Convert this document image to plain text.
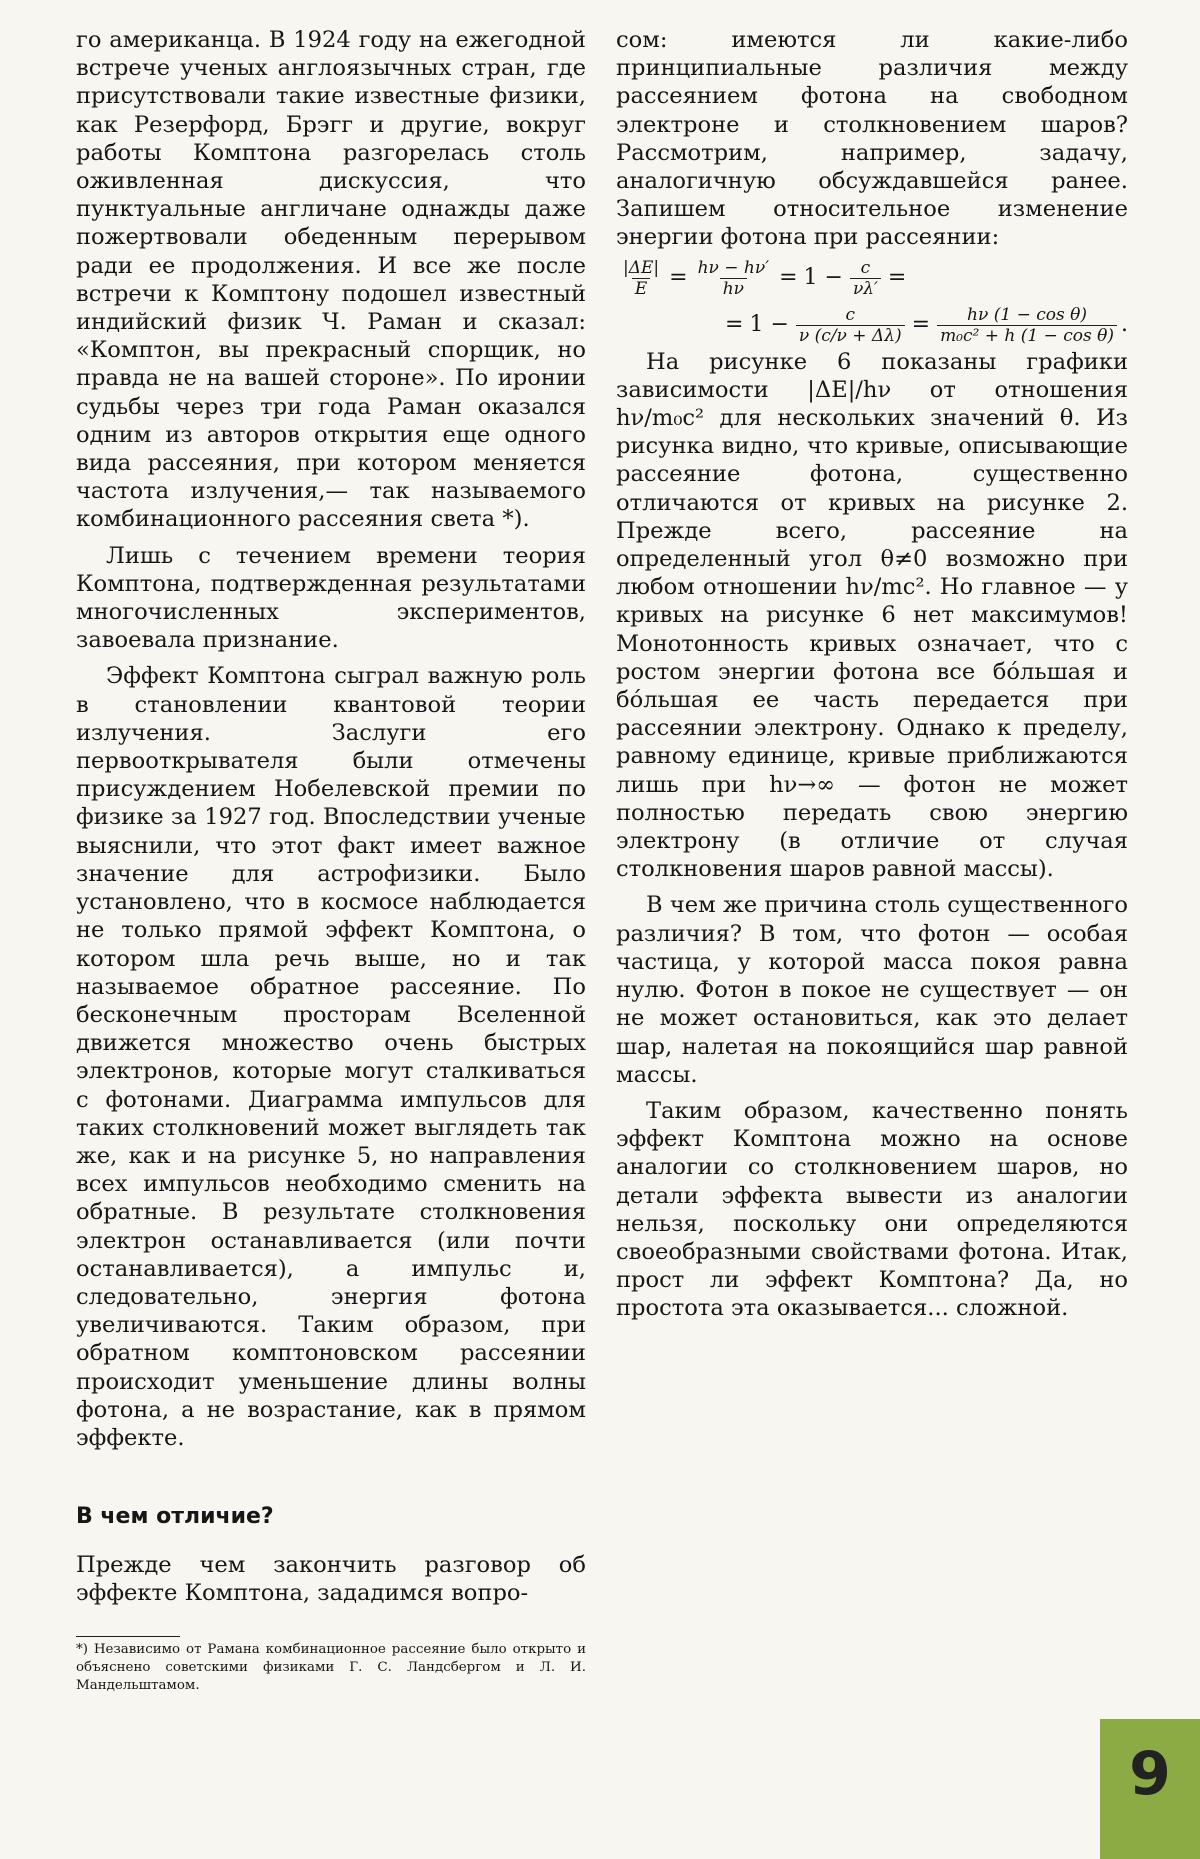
го американца. В 1924 году на ежегодной встрече ученых англоязычных стран, где присутствовали такие известные физики, как Резерфорд, Брэгг и другие, вокруг работы Комптона разгорелась столь оживленная дискуссия, что пунктуальные англичане однажды даже пожертвовали обеденным перерывом ради ее продолжения. И все же после встречи к Комптону подошел известный индийский физик Ч. Раман и сказал: «Комптон, вы прекрасный спорщик, но правда не на вашей стороне». По иронии судьбы через три года Раман оказался одним из авторов открытия еще одного вида рассеяния, при котором меняется частота излучения,— так называемого комбинационного рассеяния света *).

Лишь с течением времени теория Комптона, подтвержденная результатами многочисленных экспериментов, завоевала признание.

Эффект Комптона сыграл важную роль в становлении квантовой теории излучения. Заслуги его первооткрывателя были отмечены присуждением Нобелевской премии по физике за 1927 год. Впоследствии ученые выяснили, что этот факт имеет важное значение для астрофизики. Было установлено, что в космосе наблюдается не только прямой эффект Комптона, о котором шла речь выше, но и так называемое обратное рассеяние. По бесконечным просторам Вселенной движется множество очень быстрых электронов, которые могут сталкиваться с фотонами. Диаграмма импульсов для таких столкновений может выглядеть так же, как и на рисунке 5, но направления всех импульсов необходимо сменить на обратные. В результате столкновения электрон останавливается (или почти останавливается), а импульс и, следовательно, энергия фотона увеличиваются. Таким образом, при обратном комптоновском рассеянии происходит уменьшение длины волны фотона, а не возрастание, как в прямом эффекте.

В чем отличие?

Прежде чем закончить разговор об эффекте Комптона, зададимся вопро-

*) Независимо от Рамана комбинационное рассеяние было открыто и объяснено советскими физиками Г. С. Ландсбергом и Л. И. Мандельштамом.

сом: имеются ли какие-либо принципиальные различия между рассеянием фотона на свободном электроне и столкновением шаров? Рассмотрим, например, задачу, аналогичную обсуждавшейся ранее. Запишем относительное изменение энергии фотона при рассеянии:

$\frac{|\Delta E|}{E} = \frac{h\nu - h\nu'}{h\nu} = 1 - \frac{c}{\nu\lambda'}$ =
= $1 - \frac{c}{\nu (c/\nu + \Delta\lambda)} = \frac{\text{hν (1 − cos θ)}}{\text{m₀c² + h (1 − cos θ)}}$ .

На рисунке 6 показаны графики зависимости |ΔE|/hν от отношения hν/m₀c² для нескольких значений θ. Из рисунка видно, что кривые, описывающие рассеяние фотона, существенно отличаются от кривых на рисунке 2. Прежде всего, рассеяние на определенный угол θ≠0 возможно при любом отношении hν/mc². Но главное — у кривых на рисунке 6 нет максимумов! Монотонность кривых означает, что с ростом энергии фотона все бóльшая и бóльшая ее часть передается при рассеянии электрону. Однако к пределу, равному единице, кривые приближаются лишь при hν→∞ — фотон не может полностью передать свою энергию электрону (в отличие от случая столкновения шаров равной массы).

В чем же причина столь существенного различия? В том, что фотон — особая частица, у которой масса покоя равна нулю. Фотон в покое не существует — он не может остановиться, как это делает шар, налетая на покоящийся шар равной массы.

Таким образом, качественно понять эффект Комптона можно на основе аналогии со столкновением шаров, но детали эффекта вывести из аналогии нельзя, поскольку они определяются своеобразными свойствами фотона. Итак, прост ли эффект Комптона? Да, но простота эта оказывается... сложной.

9
